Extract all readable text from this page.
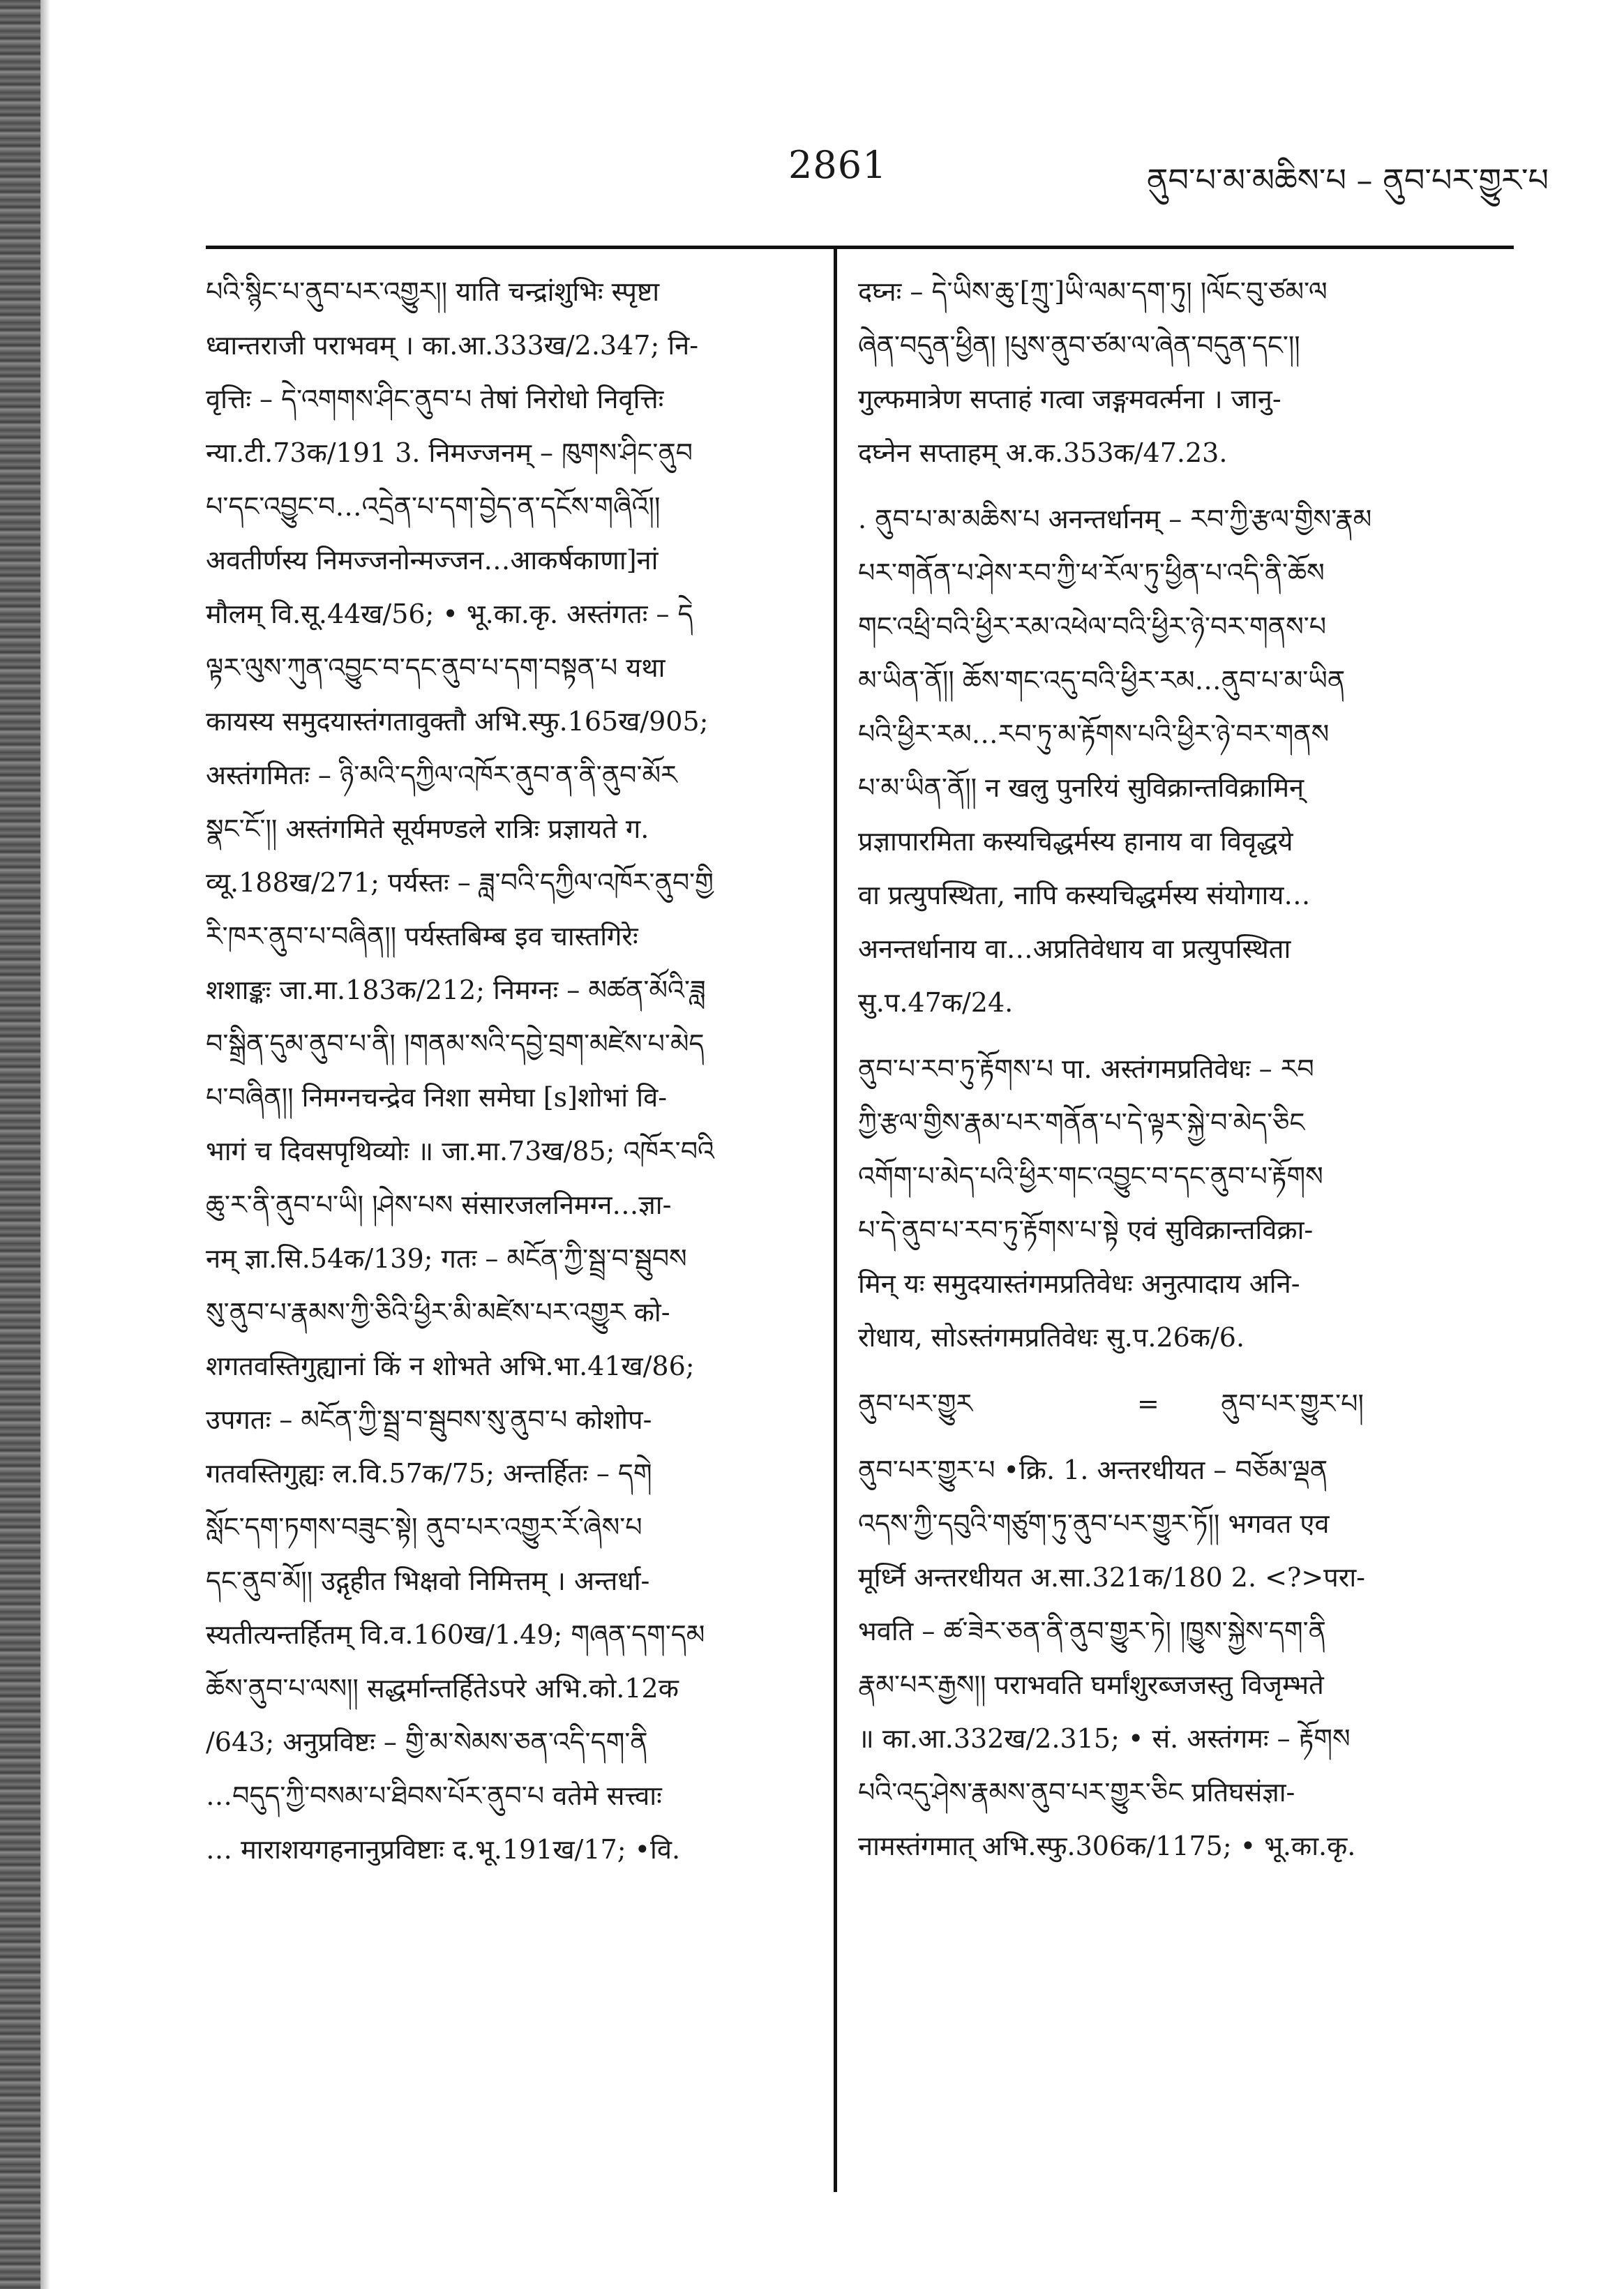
2861	ནུབ་པ་མ་མཆིས་པ – ནུབ་པར་གྱུར་པ
པའི་སྙིང་པ་ནུབ་པར་འགྱུར།། याति चन्द्रांशुभिः स्पृष्टा
ध्वान्तराजी पराभवम् । का.आ.333ख/2.347; नि-
वृत्तिः – དེ་འགགས་ཤིང་ནུབ་པ तेषां निरोधो निवृत्तिः
न्या.टी.73क/191 3. निमज्जनम् – ཁུགས་ཤིང་ནུབ
པ་དང་འབྱུང་བ…འདྲེན་པ་དག་བྱེད་ན་དངོས་གཞིའོ།།
अवतीर्णस्य निमज्जनोन्मज्जन…आकर्षकाणा]नां
मौलम् वि.सू.44ख/56; • भू.का.कृ. अस्तंगतः – དེ
ལྟར་ལུས་ཀུན་འབྱུང་བ་དང་ནུབ་པ་དག་བསྟན་པ यथा
कायस्य समुदयास्तंगतावुक्तौ अभि.स्फु.165ख/905;
अस्तंगमितः – ཉི་མའི་དཀྱིལ་འཁོར་ནུབ་ན་ནི་ནུབ་མོར
སྣང་ངོ་།། अस्तंगमिते सूर्यमण्डले रात्रिः प्रज्ञायते ग.
व्यू.188ख/271; पर्यस्तः – ཟླ་བའི་དཀྱིལ་འཁོར་ནུབ་གྱི
རི་ཁར་ནུབ་པ་བཞིན།། पर्यस्तबिम्ब इव चास्तगिरेः
शशाङ्कः जा.मा.183क/212; निमग्नः – མཚན་མོའི་ཟླ
བ་སྒྲིན་དུམ་ནུབ་པ་ནི། །གནམ་སའི་དབྱེ་བྲག་མཛེས་པ་མེད
པ་བཞིན།། निमग्नचन्द्रेव निशा समेघा [s]शोभां वि-
भागं च दिवसपृथिव्योः ॥ जा.मा.73ख/85; འཁོར་བའི
ཆུ་ར་ནི་ནུབ་པ་ཡི། །ཤེས་པས संसारजलनिमग्न…ज्ञा-
नम् ज्ञा.सि.54क/139; गतः – མངོན་ཀྱི་སྦྲ་བ་སྦུབས
སུ་ནུབ་པ་རྣམས་ཀྱི་ཅིའི་ཕྱིར་མི་མཛེས་པར་འགྱུར को-
शगतवस्तिगुह्यानां किं न शोभते अभि.भा.41ख/86;
उपगतः – མངོན་ཀྱི་སྦྲ་བ་སྦུབས་སུ་ནུབ་པ कोशोप-
गतवस्तिगुह्यः ल.वि.57क/75; अन्तर्हितः – དགེ
སློང་དག་ཏགས་བཟུང་སྟེ། ནུབ་པར་འགྱུར་རོ་ཞེས་པ
དང་ནུབ་མོ།། उद्गृहीत भिक्षवो निमित्तम् । अन्तर्धा-
स्यतीत्यन्तर्हितम् वि.व.160ख/1.49; གཞན་དག་དམ
ཆོས་ནུབ་པ་ལས།། सद्धर्मान्तर्हितेऽपरे अभि.को.12क
/643; अनुप्रविष्टः – གྱི་མ་སེམས་ཅན་འདི་དག་ནི
…བདུད་ཀྱི་བསམ་པ་ཐིབས་པོར་ནུབ་པ वतेमे सत्त्वाः
… माराशयगहनानुप्रविष्टाः द.भू.191ख/17; •वि.
दघ्नः – དེ་ཡིས་ཆུ་[ཀྲུ་]ཡི་ལམ་དག་ཏུ། །ལོང་བུ་ཙམ་ལ
ཞེན་བདུན་ཕྱིན། །པུས་ནུབ་ཙམ་ལ་ཞེན་བདུན་དང་།།
गुल्फमात्रेण सप्ताहं गत्वा जङ्गमवर्त्मना । जानु-
दघ्नेन सप्ताहम् अ.क.353क/47.23.
. ནུབ་པ་མ་མཆིས་པ अनन्तर्धानम् – རབ་ཀྱི་རྩལ་གྱིས་རྣམ
པར་གནོན་པ་ཤེས་རབ་ཀྱི་ཕ་རོལ་ཏུ་ཕྱིན་པ་འདི་ནི་ཆོས
གང་འཕྲི་བའི་ཕྱིར་རམ་འཕེལ་བའི་ཕྱིར་ཉེ་བར་གནས་པ
མ་ཡིན་ནོ།། ཆོས་གང་འདུ་བའི་ཕྱིར་རམ…ནུབ་པ་མ་ཡིན
པའི་ཕྱིར་རམ…རབ་ཏུ་མ་རྟོགས་པའི་ཕྱིར་ཉེ་བར་གནས
པ་མ་ཡིན་ནོ།། न खलु पुनरियं सुविक्रान्तविक्रामिन्
प्रज्ञापारमिता कस्यचिद्धर्मस्य हानाय वा विवृद्धये
वा प्रत्युपस्थिता, नापि कस्यचिद्धर्मस्य संयोगाय…
अनन्तर्धानाय वा…अप्रतिवेधाय वा प्रत्युपस्थिता
सु.प.47क/24.
ནུབ་པ་རབ་ཏུ་རྟོགས་པ पा. अस्तंगमप्रतिवेधः – རབ
ཀྱི་རྩལ་གྱིས་རྣམ་པར་གནོན་པ་དེ་ལྟར་སྐྱེ་བ་མེད་ཅིང
འགོག་པ་མེད་པའི་ཕྱིར་གང་འབྱུང་བ་དང་ནུབ་པ་རྟོགས
པ་དེ་ནུབ་པ་རབ་ཏུ་རྟོགས་པ་སྟེ एवं सुविक्रान्तविक्रा-
मिन् यः समुदयास्तंगमप्रतिवेधः अनुत्पादाय अनि-
रोधाय, सोऽस्तंगमप्रतिवेधः सु.प.26क/6.
ནུབ་པར་གྱུར	= ནུབ་པར་གྱུར་པ།
ནུབ་པར་གྱུར་པ •क्रि. 1. अन्तरधीयत – བཅོམ་ལྡན
འདས་ཀྱི་དབུའི་གཙུག་ཏུ་ནུབ་པར་གྱུར་ཏོ།། भगवत एव
मूर्ध्नि अन्तरधीयत अ.सा.321क/180 2. <?>परा-
भवति – ཚ་ཟེར་ཅན་ནི་ནུབ་གྱུར་ཏེ། །ཁྱུས་སྐྱེས་དག་ནི
རྣམ་པར་རྒྱས།། पराभवति घर्मांशुरब्जजस्तु विजृम्भते
॥ का.आ.332ख/2.315; • सं. अस्तंगमः – རྟོགས
པའི་འདུ་ཤེས་རྣམས་ནུབ་པར་གྱུར་ཅིང प्रतिघसंज्ञा-
नामस्तंगमात् अभि.स्फु.306क/1175; • भू.का.कृ.
